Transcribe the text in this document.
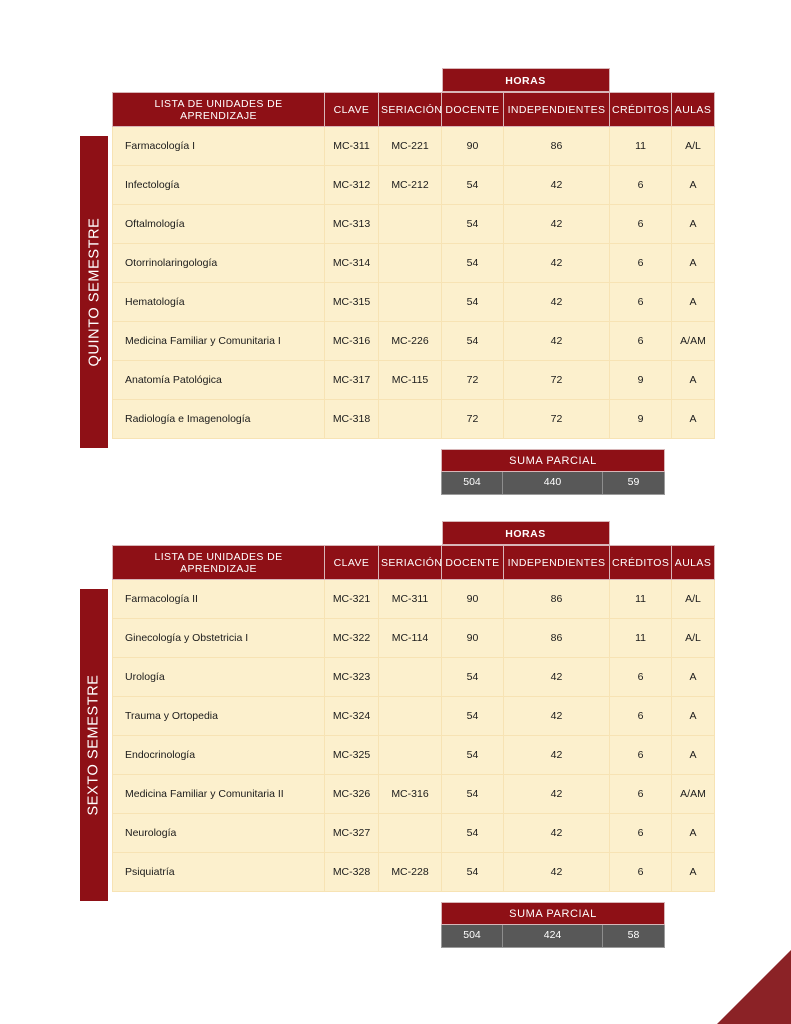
QUINTO SEMESTRE

			HORAS			

LISTA DE UNIDADES DE APRENDIZAJE	CLAVE	SERIACIÓN	DOCENTE	INDEPENDIENTES	CRÉDITOS	AULAS
Farmacología I	MC-311	MC-221	90	86	11	A/L
Infectología	MC-312	MC-212	54	42	6	A
Oftalmología	MC-313		54	42	6	A
Otorrinolaringología	MC-314		54	42	6	A
Hematología	MC-315		54	42	6	A
Medicina Familiar y Comunitaria I	MC-316	MC-226	54	42	6	A/AM
Anatomía Patológica	MC-317	MC-115	72	72	9	A
Radiología e Imagenología	MC-318		72	72	9	A
SUMA PARCIAL
504	440	59
SEXTO SEMESTRE

			HORAS			

LISTA DE UNIDADES DE APRENDIZAJE	CLAVE	SERIACIÓN	DOCENTE	INDEPENDIENTES	CRÉDITOS	AULAS
Farmacología II	MC-321	MC-311	90	86	11	A/L
Ginecología y Obstetricia I	MC-322	MC-114	90	86	11	A/L
Urología	MC-323		54	42	6	A
Trauma y Ortopedia	MC-324		54	42	6	A
Endocrinología	MC-325		54	42	6	A
Medicina Familiar y Comunitaria II	MC-326	MC-316	54	42	6	A/AM
Neurología	MC-327		54	42	6	A
Psiquiatría	MC-328	MC-228	54	42	6	A
SUMA PARCIAL
504	424	58
